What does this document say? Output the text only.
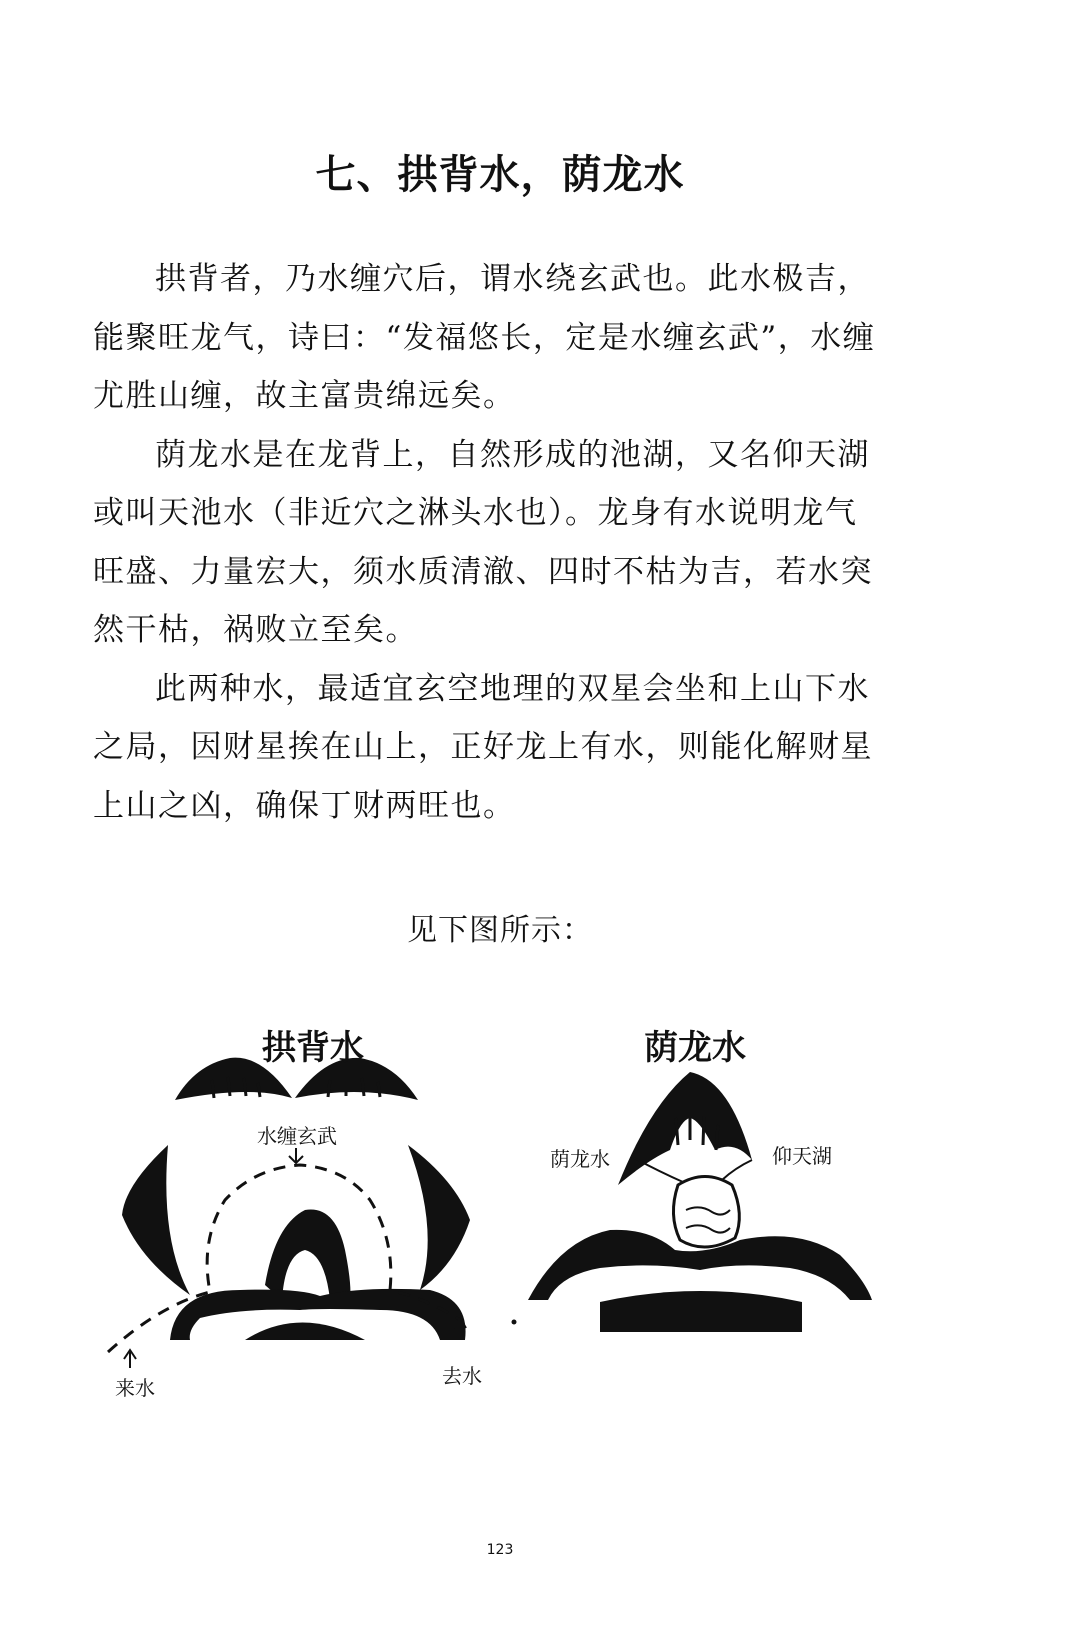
七、拱背水，荫龙水

拱背者，乃水缠穴后，谓水绕玄武也。此水极吉，能聚旺龙气，诗曰：“发福悠长，定是水缠玄武”，水缠尤胜山缠，故主富贵绵远矣。

荫龙水是在龙背上，自然形成的池湖，又名仰天湖或叫天池水（非近穴之淋头水也）。龙身有水说明龙气旺盛、力量宏大，须水质清澈、四时不枯为吉，若水突然干枯，祸败立至矣。

此两种水，最适宜玄空地理的双星会坐和上山下水之局，因财星挨在山上，正好龙上有水，则能化解财星上山之凶，确保丁财两旺也。

见下图所示：
拱背水
水缠玄武
来水	去水
荫龙水
荫龙水	仰天湖
123
